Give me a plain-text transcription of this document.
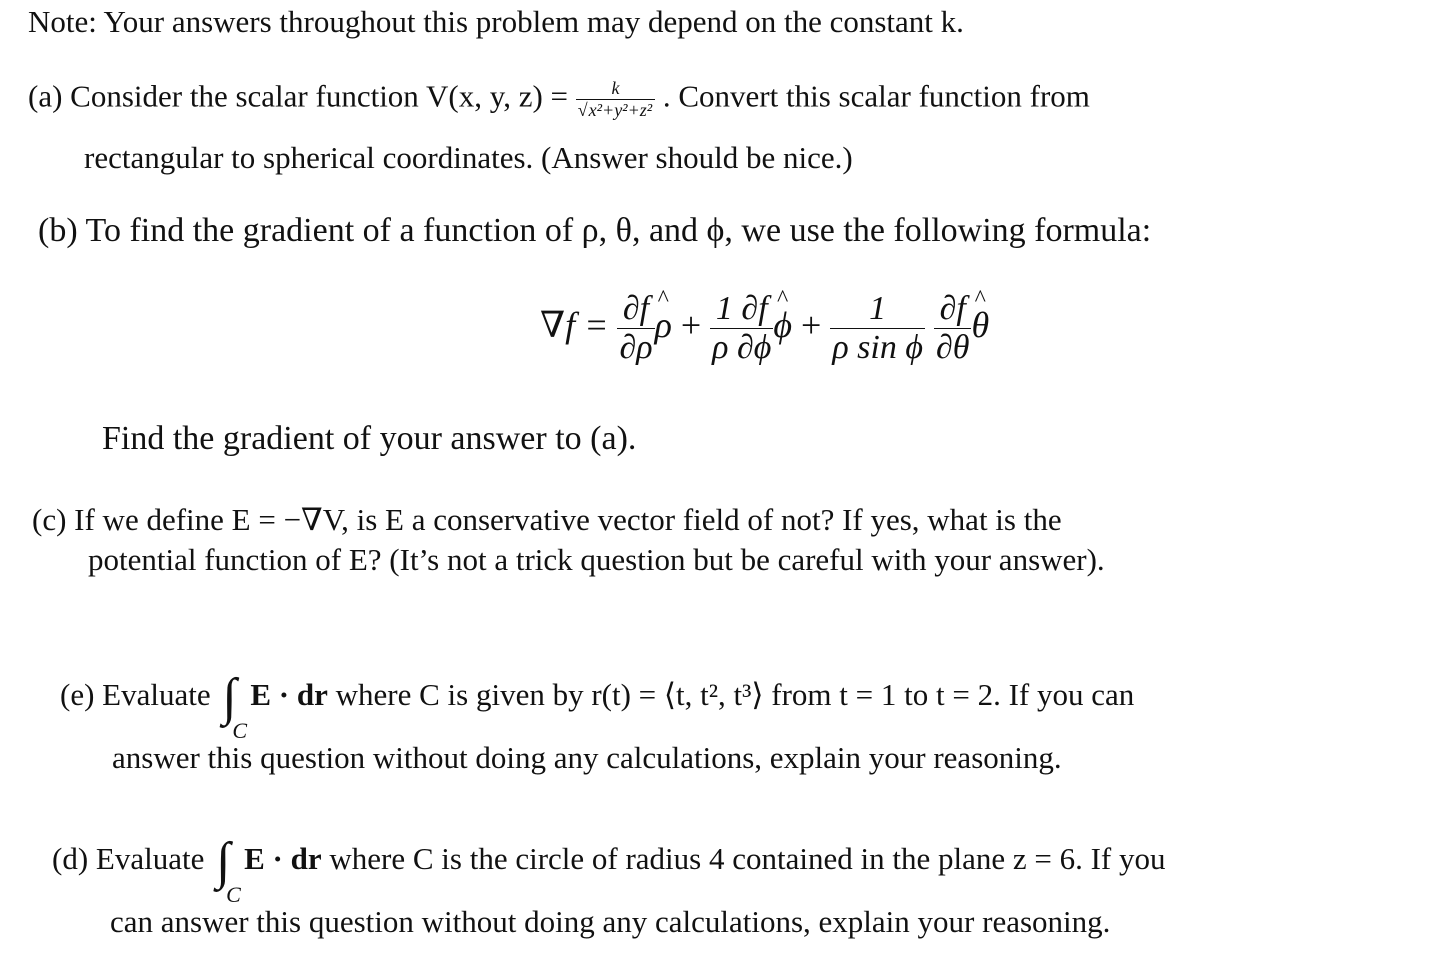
Note: Your answers throughout this problem may depend on the constant k.
(a) Consider the scalar function V(x, y, $z) = \frac{k}{\text{√x²+y²+z²}}$ . Convert this scalar function from
rectangular to spherical coordinates. (Answer should be nice.)
(b) To find the gradient of a function of ρ, θ, and ϕ, we use the following formula:
$\nabla f = \frac{\partial f}{\partial\rho}$ ^ $\rho + \frac{1 \partial f}{\rho \partial\phi}$ ^ $\phi + \frac{1}{\text{ρ sin ϕ}}$
$\frac{\partial f}{\partial\theta}$ ^ θ
Find the gradient of your answer to (a).
(c) If we define E = −∇V, is E a conservative vector field of not? If yes, what is the
potential function of E? (It’s not a trick question but be careful with your answer).
(e) Evaluate ∫
C
E · dr where C is given by r(t) = ⟨t, t², t³⟩ from t = 1 to t = 2. If you can
answer this question without doing any calculations, explain your reasoning.
(d) Evaluate ∫
C
E · dr where C is the circle of radius 4 contained in the plane z = 6. If you
can answer this question without doing any calculations, explain your reasoning.
